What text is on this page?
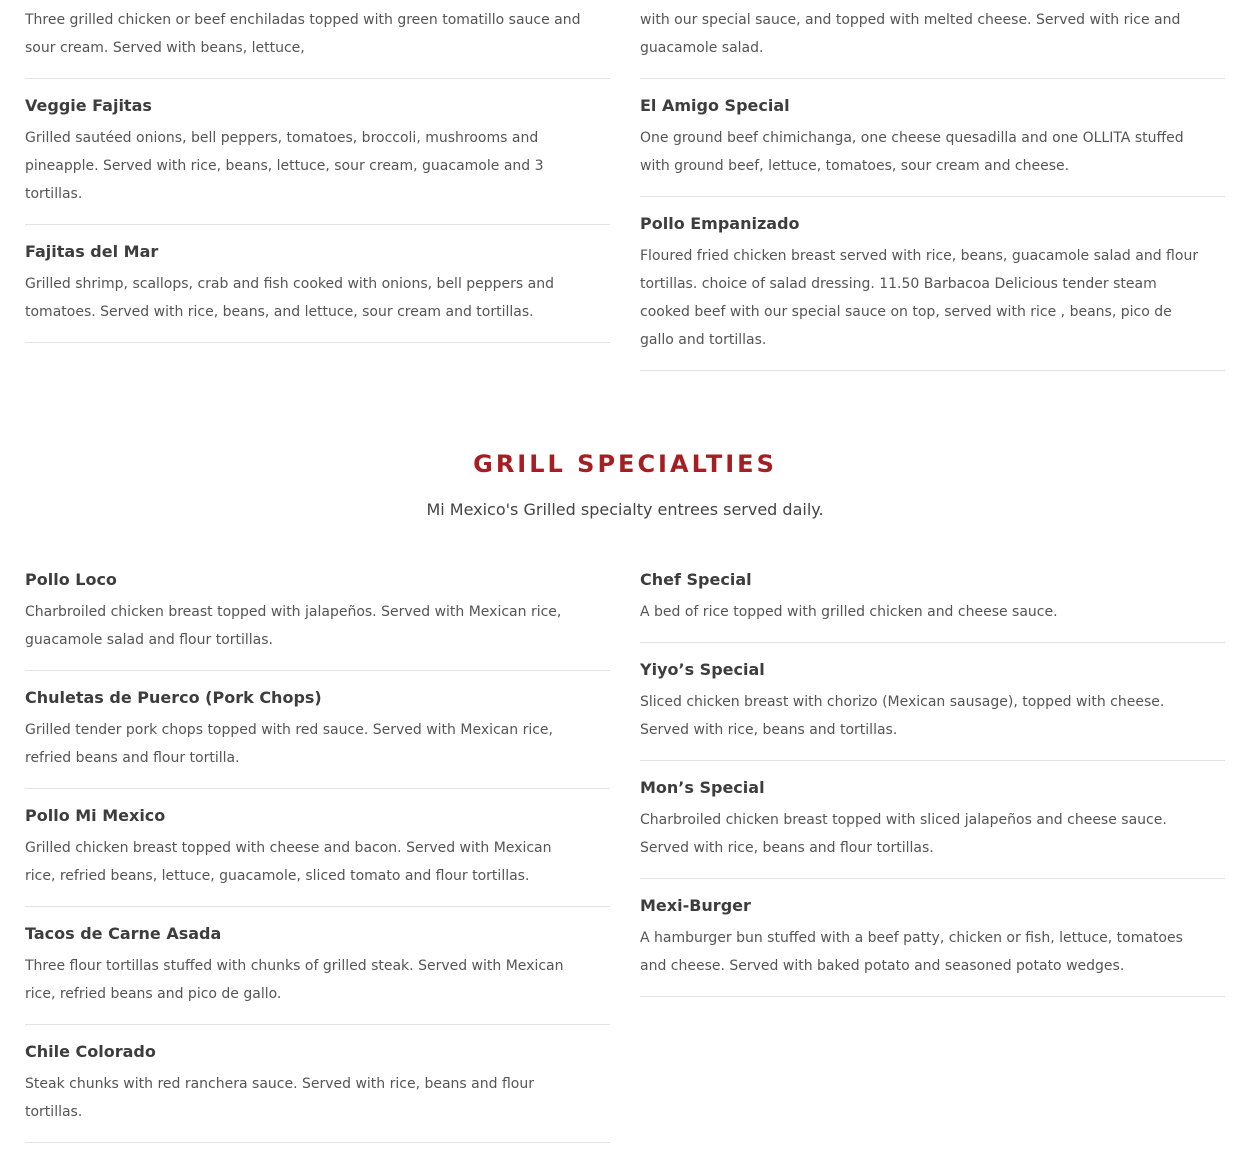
Three grilled chicken or beef enchiladas topped with green tomatillo sauce and sour cream. Served with beans, lettuce,

Veggie Fajitas

Grilled sautéed onions, bell peppers, tomatoes, broccoli, mushrooms and pineapple. Served with rice, beans, lettuce, sour cream, guacamole and 3 tortillas.

Fajitas del Mar

Grilled shrimp, scallops, crab and fish cooked with onions, bell peppers and tomatoes. Served with rice, beans, and lettuce, sour cream and tortillas.

with our special sauce, and topped with melted cheese. Served with rice and guacamole salad.

El Amigo Special

One ground beef chimichanga, one cheese quesadilla and one OLLITA stuffed with ground beef, lettuce, tomatoes, sour cream and cheese.

Pollo Empanizado

Floured fried chicken breast served with rice, beans, guacamole salad and flour tortillas. choice of salad dressing. 11.50 Barbacoa Delicious tender steam cooked beef with our special sauce on top, served with rice , beans, pico de gallo and tortillas.

GRILL SPECIALTIES

Mi Mexico's Grilled specialty entrees served daily.

Pollo Loco

Charbroiled chicken breast topped with jalapeños. Served with Mexican rice, guacamole salad and flour tortillas.

Chuletas de Puerco (Pork Chops)

Grilled tender pork chops topped with red sauce. Served with Mexican rice, refried beans and flour tortilla.

Pollo Mi Mexico

Grilled chicken breast topped with cheese and bacon. Served with Mexican rice, refried beans, lettuce, guacamole, sliced tomato and flour tortillas.

Tacos de Carne Asada

Three flour tortillas stuffed with chunks of grilled steak. Served with Mexican rice, refried beans and pico de gallo.

Chile Colorado

Steak chunks with red ranchera sauce. Served with rice, beans and flour tortillas.

Chef Special

A bed of rice topped with grilled chicken and cheese sauce.

Yiyo’s Special

Sliced chicken breast with chorizo (Mexican sausage), topped with cheese. Served with rice, beans and tortillas.

Mon’s Special

Charbroiled chicken breast topped with sliced jalapeños and cheese sauce. Served with rice, beans and flour tortillas.

Mexi-Burger

A hamburger bun stuffed with a beef patty, chicken or fish, lettuce, tomatoes and cheese. Served with baked potato and seasoned potato wedges.
